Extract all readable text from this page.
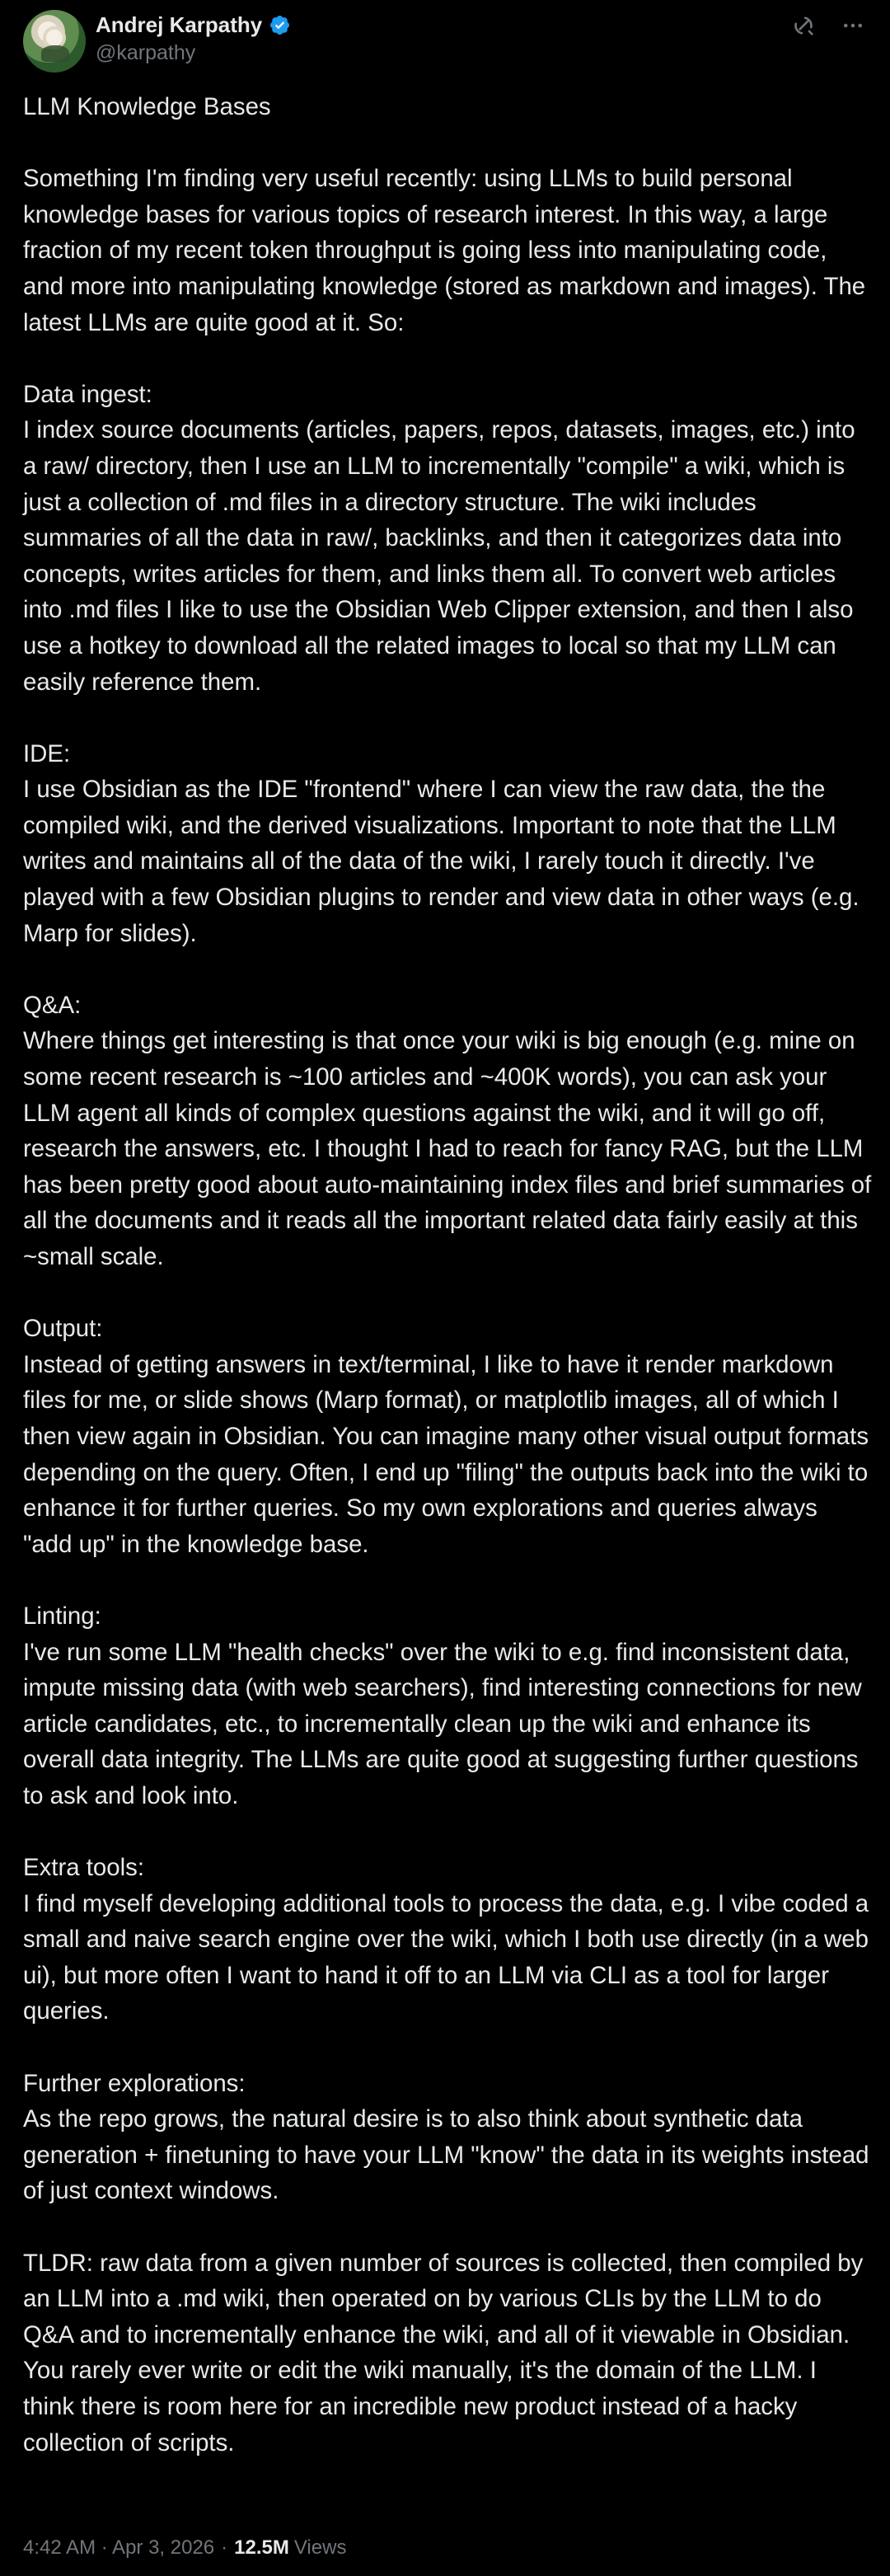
Andrej Karpathy
@karpathy

LLM Knowledge Bases

Something I'm finding very useful recently: using LLMs to build personal knowledge bases for various topics of research interest. In this way, a large fraction of my recent token throughput is going less into manipulating code, and more into manipulating knowledge (stored as markdown and images). The latest LLMs are quite good at it. So:

Data ingest:
I index source documents (articles, papers, repos, datasets, images, etc.) into a raw/ directory, then I use an LLM to incrementally "compile" a wiki, which is just a collection of .md files in a directory structure. The wiki includes summaries of all the data in raw/, backlinks, and then it categorizes data into concepts, writes articles for them, and links them all. To convert web articles into .md files I like to use the Obsidian Web Clipper extension, and then I also use a hotkey to download all the related images to local so that my LLM can easily reference them.

IDE:
I use Obsidian as the IDE "frontend" where I can view the raw data, the the compiled wiki, and the derived visualizations. Important to note that the LLM writes and maintains all of the data of the wiki, I rarely touch it directly. I've played with a few Obsidian plugins to render and view data in other ways (e.g. Marp for slides).

Q&A:
Where things get interesting is that once your wiki is big enough (e.g. mine on some recent research is ~100 articles and ~400K words), you can ask your LLM agent all kinds of complex questions against the wiki, and it will go off, research the answers, etc. I thought I had to reach for fancy RAG, but the LLM has been pretty good about auto-maintaining index files and brief summaries of all the documents and it reads all the important related data fairly easily at this ~small scale.

Output:
Instead of getting answers in text/terminal, I like to have it render markdown files for me, or slide shows (Marp format), or matplotlib images, all of which I then view again in Obsidian. You can imagine many other visual output formats depending on the query. Often, I end up "filing" the outputs back into the wiki to enhance it for further queries. So my own explorations and queries always "add up" in the knowledge base.

Linting:
I've run some LLM "health checks" over the wiki to e.g. find inconsistent data, impute missing data (with web searchers), find interesting connections for new article candidates, etc., to incrementally clean up the wiki and enhance its overall data integrity. The LLMs are quite good at suggesting further questions to ask and look into.

Extra tools:
I find myself developing additional tools to process the data, e.g. I vibe coded a small and naive search engine over the wiki, which I both use directly (in a web ui), but more often I want to hand it off to an LLM via CLI as a tool for larger queries.

Further explorations:
As the repo grows, the natural desire is to also think about synthetic data generation + finetuning to have your LLM "know" the data in its weights instead of just context windows.

TLDR: raw data from a given number of sources is collected, then compiled by an LLM into a .md wiki, then operated on by various CLIs by the LLM to do Q&A and to incrementally enhance the wiki, and all of it viewable in Obsidian. You rarely ever write or edit the wiki manually, it's the domain of the LLM. I think there is room here for an incredible new product instead of a hacky collection of scripts.

4:42 AM · Apr 3, 2026 · 12.5M Views
